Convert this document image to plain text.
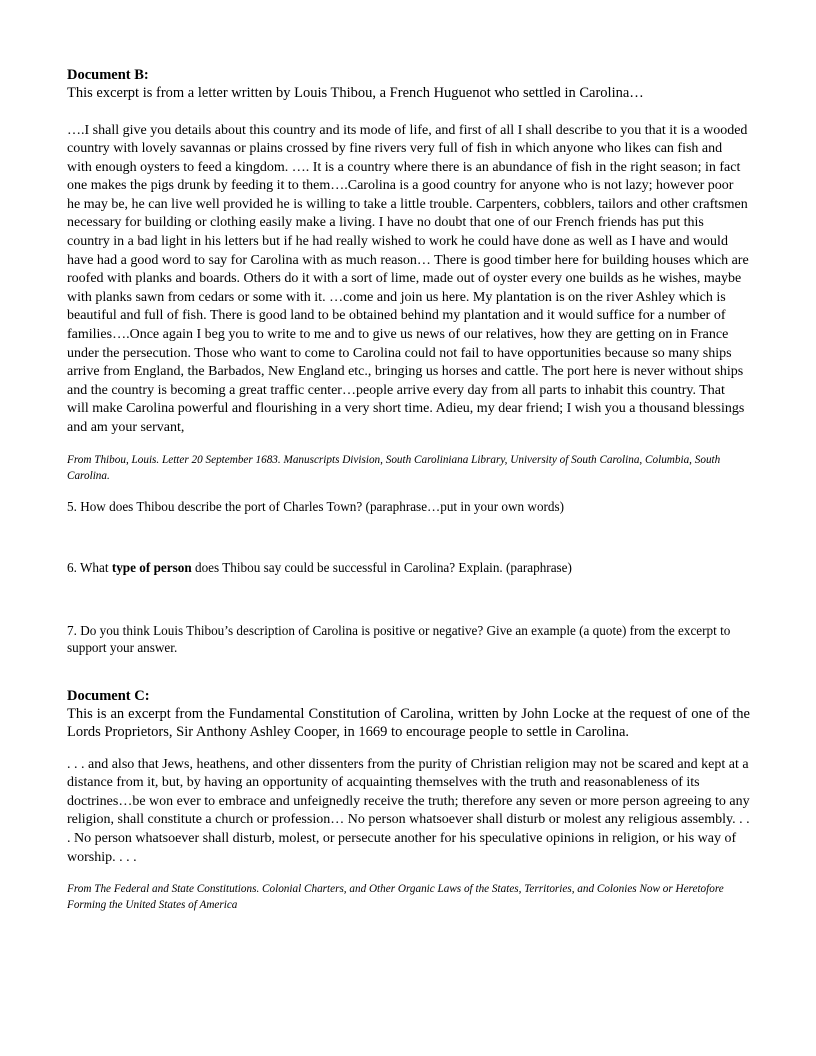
Document B:

This excerpt is from a letter written by Louis Thibou, a French Huguenot who settled in Carolina…

….I shall give you details about this country and its mode of life, and first of all I shall describe to you that it is a wooded country with lovely savannas or plains crossed by fine rivers very full of fish in which anyone who likes can fish and with enough oysters to feed a kingdom. …. It is a country where there is an abundance of fish in the right season; in fact one makes the pigs drunk by feeding it to them….Carolina is a good country for anyone who is not lazy; however poor he may be, he can live well provided he is willing to take a little trouble. Carpenters, cobblers, tailors and other craftsmen necessary for building or clothing easily make a living. I have no doubt that one of our French friends has put this country in a bad light in his letters but if he had really wished to work he could have done as well as I have and would have had a good word to say for Carolina with as much reason… There is good timber here for building houses which are roofed with planks and boards. Others do it with a sort of lime, made out of oyster every one builds as he wishes, maybe with planks sawn from cedars or some with it. …come and join us here. My plantation is on the river Ashley which is beautiful and full of fish. There is good land to be obtained behind my plantation and it would suffice for a number of families….Once again I beg you to write to me and to give us news of our relatives, how they are getting on in France under the persecution. Those who want to come to Carolina could not fail to have opportunities because so many ships arrive from England, the Barbados, New England etc., bringing us horses and cattle. The port here is never without ships and the country is becoming a great traffic center…people arrive every day from all parts to inhabit this country. That will make Carolina powerful and flourishing in a very short time. Adieu, my dear friend; I wish you a thousand blessings and am your servant,

From Thibou, Louis. Letter 20 September 1683. Manuscripts Division, South Caroliniana Library, University of South Carolina, Columbia, South Carolina.

5. How does Thibou describe the port of Charles Town? (paraphrase…put in your own words)

6. What type of person does Thibou say could be successful in Carolina? Explain. (paraphrase)

7. Do you think Louis Thibou’s description of Carolina is positive or negative? Give an example (a quote) from the excerpt to support your answer.

Document C:

This is an excerpt from the Fundamental Constitution of Carolina, written by John Locke at the request of one of the Lords Proprietors, Sir Anthony Ashley Cooper, in 1669 to encourage people to settle in Carolina.

. . . and also that Jews, heathens, and other dissenters from the purity of Christian religion may not be scared and kept at a distance from it, but, by having an opportunity of acquainting themselves with the truth and reasonableness of its doctrines…be won ever to embrace and unfeignedly receive the truth; therefore any seven or more person agreeing to any religion, shall constitute a church or profession… No person whatsoever shall disturb or molest any religious assembly. . . . No person whatsoever shall disturb, molest, or persecute another for his speculative opinions in religion, or his way of worship. . . .

From The Federal and State Constitutions. Colonial Charters, and Other Organic Laws of the States, Territories, and Colonies Now or Heretofore Forming the United States of America
